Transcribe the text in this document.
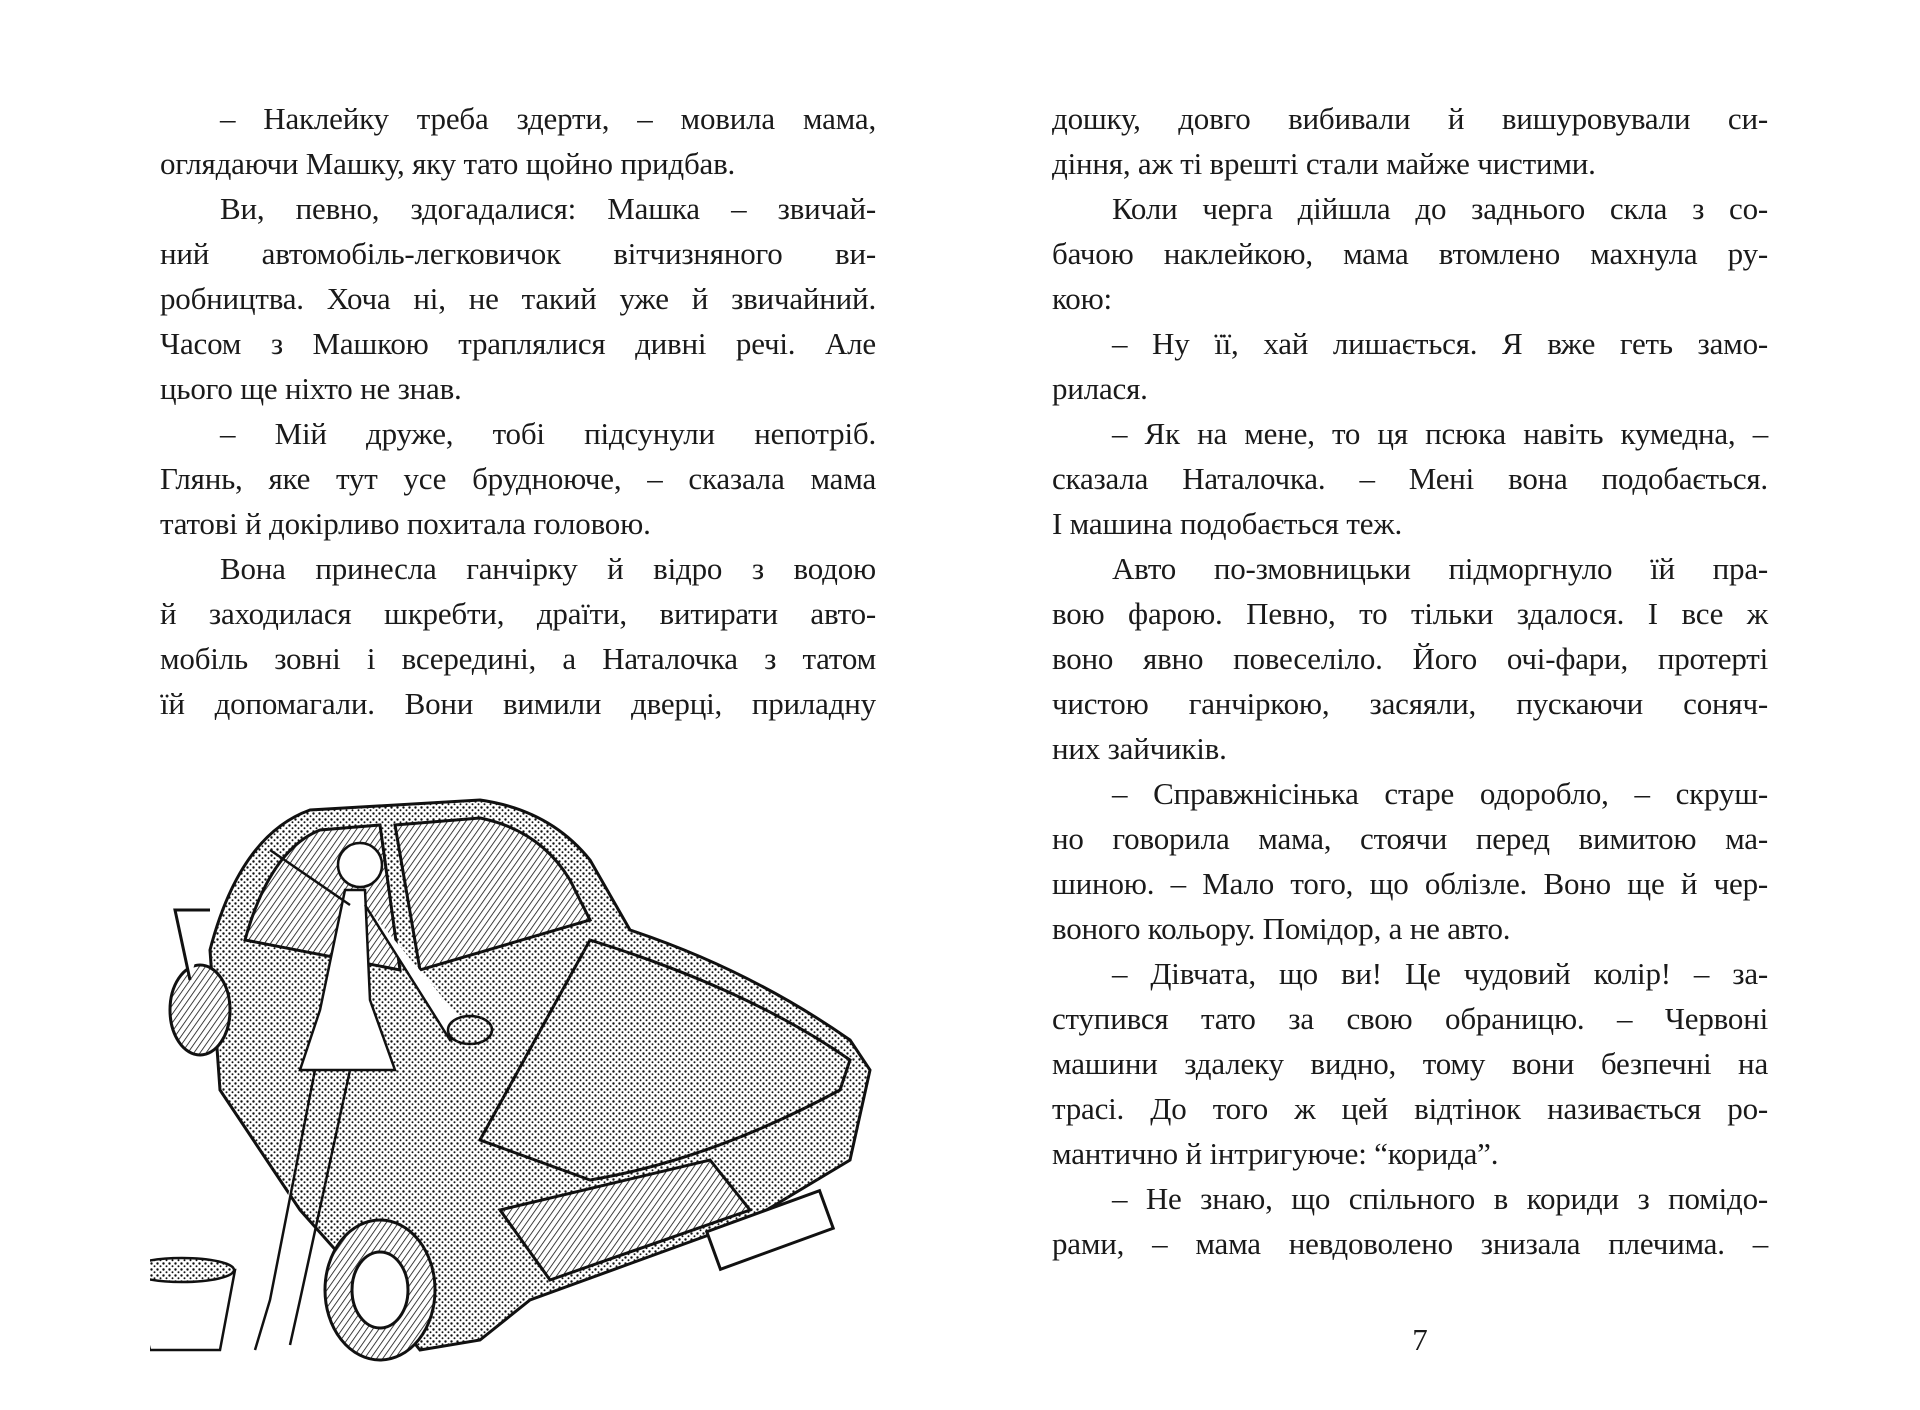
– Наклейку треба здерти, – мовила мама,
оглядаючи Машку, яку тато щойно придбав.
Ви, певно, здогадалися: Машка – звичай-
ний автомобіль-легковичок вітчизняного ви-
робництва. Хоча ні, не такий уже й звичайний.
Часом з Машкою траплялися дивні речі. Але
цього ще ніхто не знав.
– Мій друже, тобі підсунули непотріб.
Глянь, яке тут усе брудноюче, – сказала мама
татові й докірливо похитала головою.
Вона принесла ганчірку й відро з водою
й заходилася шкребти, драїти, витирати авто-
мобіль зовні і всередині, а Наталочка з татом
їй допомагали. Вони вимили дверці, приладну
дошку, довго вибивали й вишуровували си-
діння, аж ті врешті стали майже чистими.
Коли черга дійшла до заднього скла з со-
бачою наклейкою, мама втомлено махнула ру-
кою:
– Ну її, хай лишається. Я вже геть замо-
рилася.
– Як на мене, то ця псюка навіть кумедна, –
сказала Наталочка. – Мені вона подобається.
І машина подобається теж.
Авто по-змовницьки підморгнуло їй пра-
вою фарою. Певно, то тільки здалося. І все ж
воно явно повеселіло. Його очі-фари, протерті
чистою ганчіркою, засяяли, пускаючи соняч-
них зайчиків.
– Справжнісінька старе одоробло, – скруш-
но говорила мама, стоячи перед вимитою ма-
шиною. – Мало того, що облізле. Воно ще й чер-
воного кольору. Помідор, а не авто.
– Дівчата, що ви! Це чудовий колір! – за-
ступився тато за свою обраницю. – Червоні
машини здалеку видно, тому вони безпечні на
трасі. До того ж цей відтінок називається ро-
мантично й інтригуюче: “корида”.
– Не знаю, що спільного в кориди з помідо-
рами, – мама невдоволено знизала плечима. –
7
